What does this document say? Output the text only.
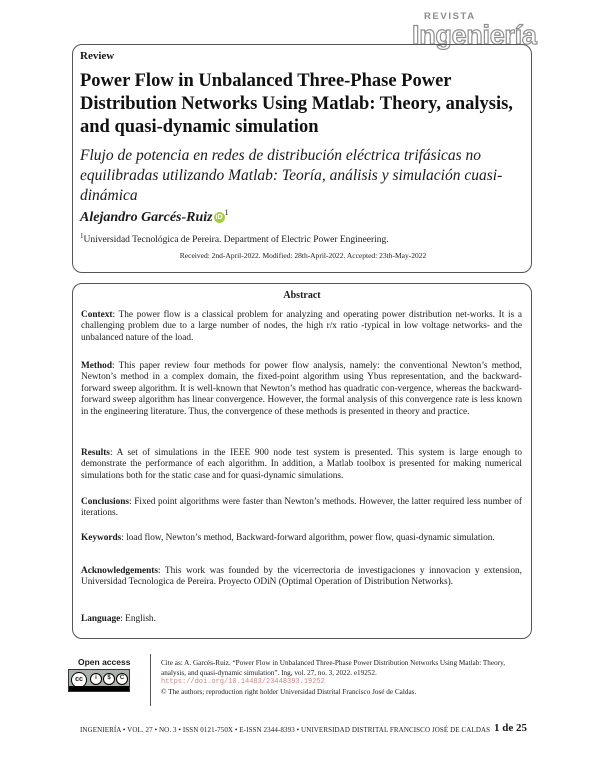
REVISTA
Ingeniería
Review
Power Flow in Unbalanced Three-Phase Power Distribution Networks Using Matlab: Theory, analysis, and quasi-dynamic simulation
Flujo de potencia en redes de distribución eléctrica trifásicas no equilibradas utilizando Matlab: Teoría, análisis y simulación cuasi-dinámica
Alejandro Garcés-Ruiz $iD^1$
$^1$Universidad Tecnológica de Pereira. Department of Electric Power Engineering.
Received: 2nd-April-2022. Modified: 28th-April-2022. Accepted: 23th-May-2022
Abstract
Context: The power flow is a classical problem for analyzing and operating power distribution net-works. It is a challenging problem due to a large number of nodes, the high r/x ratio -typical in low voltage networks- and the unbalanced nature of the load.
Method: This paper review four methods for power flow analysis, namely: the conventional Newton’s method, Newton’s method in a complex domain, the fixed-point algorithm using Ybus representation, and the backward-forward sweep algorithm. It is well-known that Newton’s method has quadratic con-vergence, whereas the backward-forward sweep algorithm has linear convergence. However, the formal analysis of this convergence rate is less known in the engineering literature. Thus, the convergence of these methods is presented in theory and practice.
Results: A set of simulations in the IEEE 900 node test system is presented. This system is large enough to demonstrate the performance of each algorithm. In addition, a Matlab toolbox is presented for making numerical simulations both for the static case and for quasi-dynamic simulations.
Conclusions: Fixed point algorithms were faster than Newton’s methods. However, the latter required less number of iterations.
Keywords: load flow, Newton’s method, Backward-forward algorithm, power flow, quasi-dynamic simulation.
Acknowledgements: This work was founded by the vicerrectoria de investigaciones y innovacion y extension, Universidad Tecnologica de Pereira. Proyecto ODiN (Optimal Operation of Distribution Networks).
Language: English.
Open access
cc	i	$	C
Cite as: A. Garcés-Ruiz. “Power Flow in Unbalanced Three-Phase Power Distribution Networks Using Matlab: Theory, analysis, and quasi-dynamic simulation”. Ing, vol. 27, no. 3, 2022. e19252.
https://doi.org/10.14483/23448393.19252
© The authors; reproduction right holder Universidad Distrital Francisco José de Caldas.
INGENIERÍA • VOL. 27 • NO. 3 • ISSN 0121-750X • E-ISSN 2344-8393 • UNIVERSIDAD DISTRITAL FRANCISCO JOSÉ DE CALDAS 1 de 25
